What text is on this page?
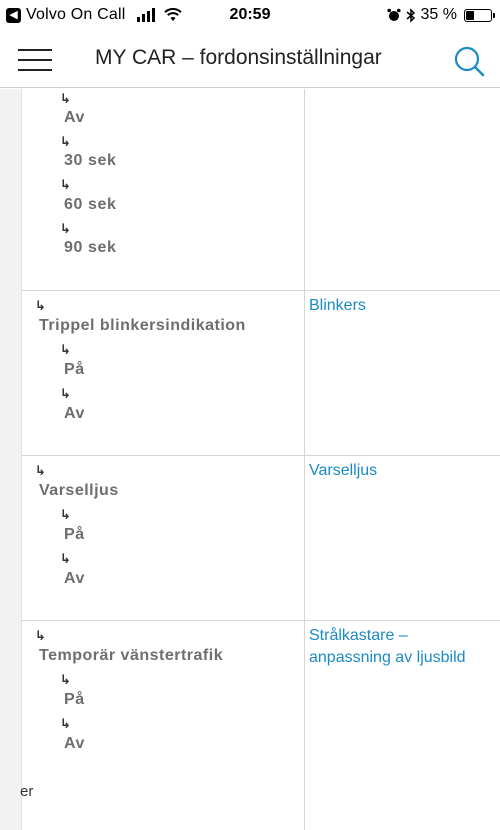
◀ Volvo On Call	20:59	35 %
MY CAR – fordonsinställningar
↳
Av
↳
30 sek
↳
60 sek
↳
90 sek
↳
Trippel blinkersindikation
↳
På
↳
Av
Blinkers
↳
Varselljus
↳
På
↳
Av
Varselljus
↳
Temporär vänstertrafik
↳
På
↳
Av
Strålkastare –
anpassning av ljusbild
er
